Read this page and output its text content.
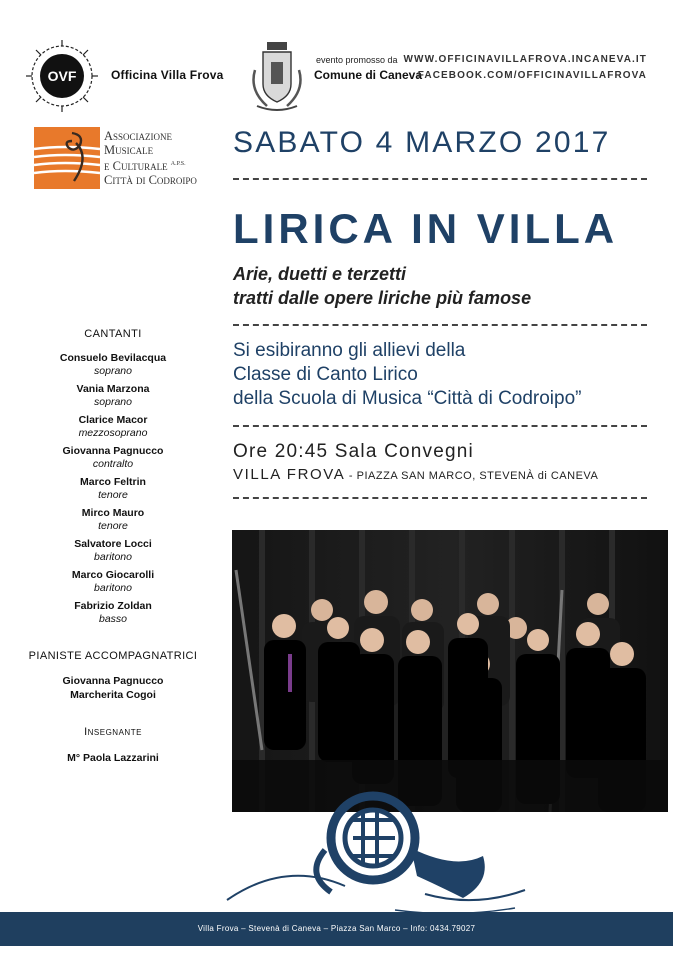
OVF	Officina Villa Frova
evento promosso da
Comune di Caneva
WWW.OFFICINAVILLAFROVA.INCANEVA.IT
FACEBOOK.COM/OFFICINAVILLAFROVA
Associazione
Musicale
e Culturale $^{A.P.S.}$
Città di Codroipo
SABATO 4 MARZO 2017
LIRICA IN VILLA
Arie, duetti e terzetti
tratti dalle opere liriche più famose
Si esibiranno gli allievi della
Classe di Canto Lirico
della Scuola di Musica “Città di Codroipo”
Ore 20:45 Sala Convegni
VILLA FROVA - PIAZZA SAN MARCO, STEVENÀ di CANEVA
CANTANTI
Consuelo Bevilacqua
soprano
Vania Marzona
soprano
Clarice Macor
mezzosoprano
Giovanna Pagnucco
contralto
Marco Feltrin
tenore
Mirco Mauro
tenore
Salvatore Locci
baritono
Marco Giocarolli
baritono
Fabrizio Zoldan
basso
PIANISTE ACCOMPAGNATRICI
Giovanna Pagnucco
Marcherita Cogoi
Insegnante
M° Paola Lazzarini
Villa Frova – Stevenà di Caneva – Piazza San Marco – Info: 0434.79027
